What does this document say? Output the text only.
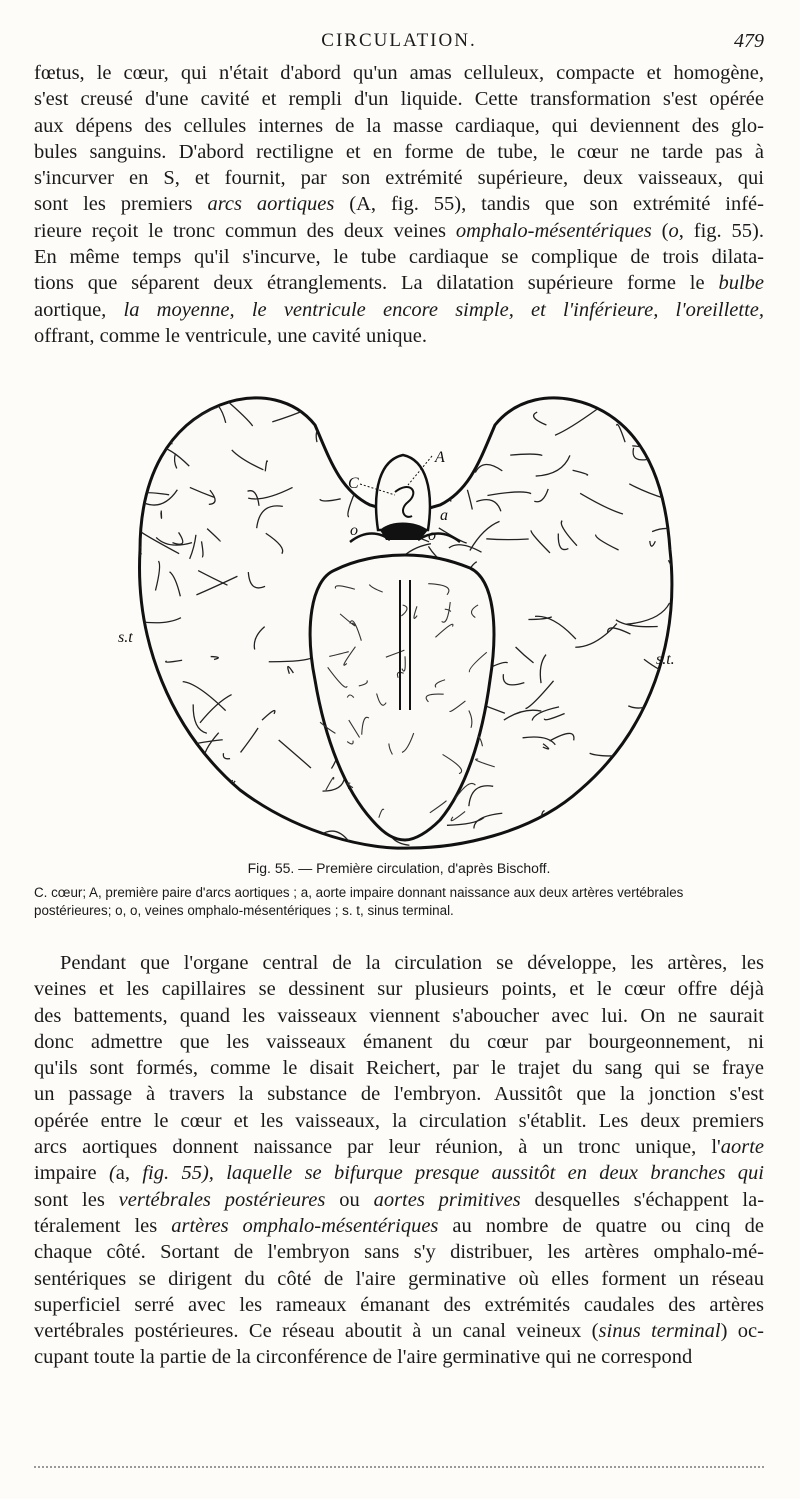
CIRCULATION.	479

fœtus, le cœur, qui n'était d'abord qu'un amas celluleux, compacte et homogène,
s'est creusé d'une cavité et rempli d'un liquide. Cette transformation s'est opérée
aux dépens des cellules internes de la masse cardiaque, qui deviennent des glo-
bules sanguins. D'abord rectiligne et en forme de tube, le cœur ne tarde pas à
s'incurver en S, et fournit, par son extrémité supérieure, deux vaisseaux, qui
sont les premiers arcs aortiques (A, fig. 55), tandis que son extrémité infé-
rieure reçoit le tronc commun des deux veines omphalo-mésentériques (o, fig. 55).
En même temps qu'il s'incurve, le tube cardiaque se complique de trois dilata-
tions que séparent deux étranglements. La dilatation supérieure forme le bulbe
aortique, la moyenne, le ventricule encore simple, et l'inférieure, l'oreillette,
offrant, comme le ventricule, une cavité unique.

A
C
a
o	o
s.t
s.t.
Fig. 55. — Première circulation, d'après Bischoff.
C. cœur; A, première paire d'arcs aortiques ; a, aorte impaire donnant naissance aux deux artères vertébrales postérieures; o, o, veines omphalo-mésentériques ; s. t, sinus terminal.

Pendant que l'organe central de la circulation se développe, les artères, les
veines et les capillaires se dessinent sur plusieurs points, et le cœur offre déjà
des battements, quand les vaisseaux viennent s'aboucher avec lui. On ne saurait
donc admettre que les vaisseaux émanent du cœur par bourgeonnement, ni
qu'ils sont formés, comme le disait Reichert, par le trajet du sang qui se fraye
un passage à travers la substance de l'embryon. Aussitôt que la jonction s'est
opérée entre le cœur et les vaisseaux, la circulation s'établit. Les deux premiers
arcs aortiques donnent naissance par leur réunion, à un tronc unique, l'aorte
impaire (a, fig. 55), laquelle se bifurque presque aussitôt en deux branches qui
sont les vertébrales postérieures ou aortes primitives desquelles s'échappent la-
téralement les artères omphalo-mésentériques au nombre de quatre ou cinq de
chaque côté. Sortant de l'embryon sans s'y distribuer, les artères omphalo-mé-
sentériques se dirigent du côté de l'aire germinative où elles forment un réseau
superficiel serré avec les rameaux émanant des extrémités caudales des artères
vertébrales postérieures. Ce réseau aboutit à un canal veineux (sinus terminal) oc-
cupant toute la partie de la circonférence de l'aire germinative qui ne correspond
